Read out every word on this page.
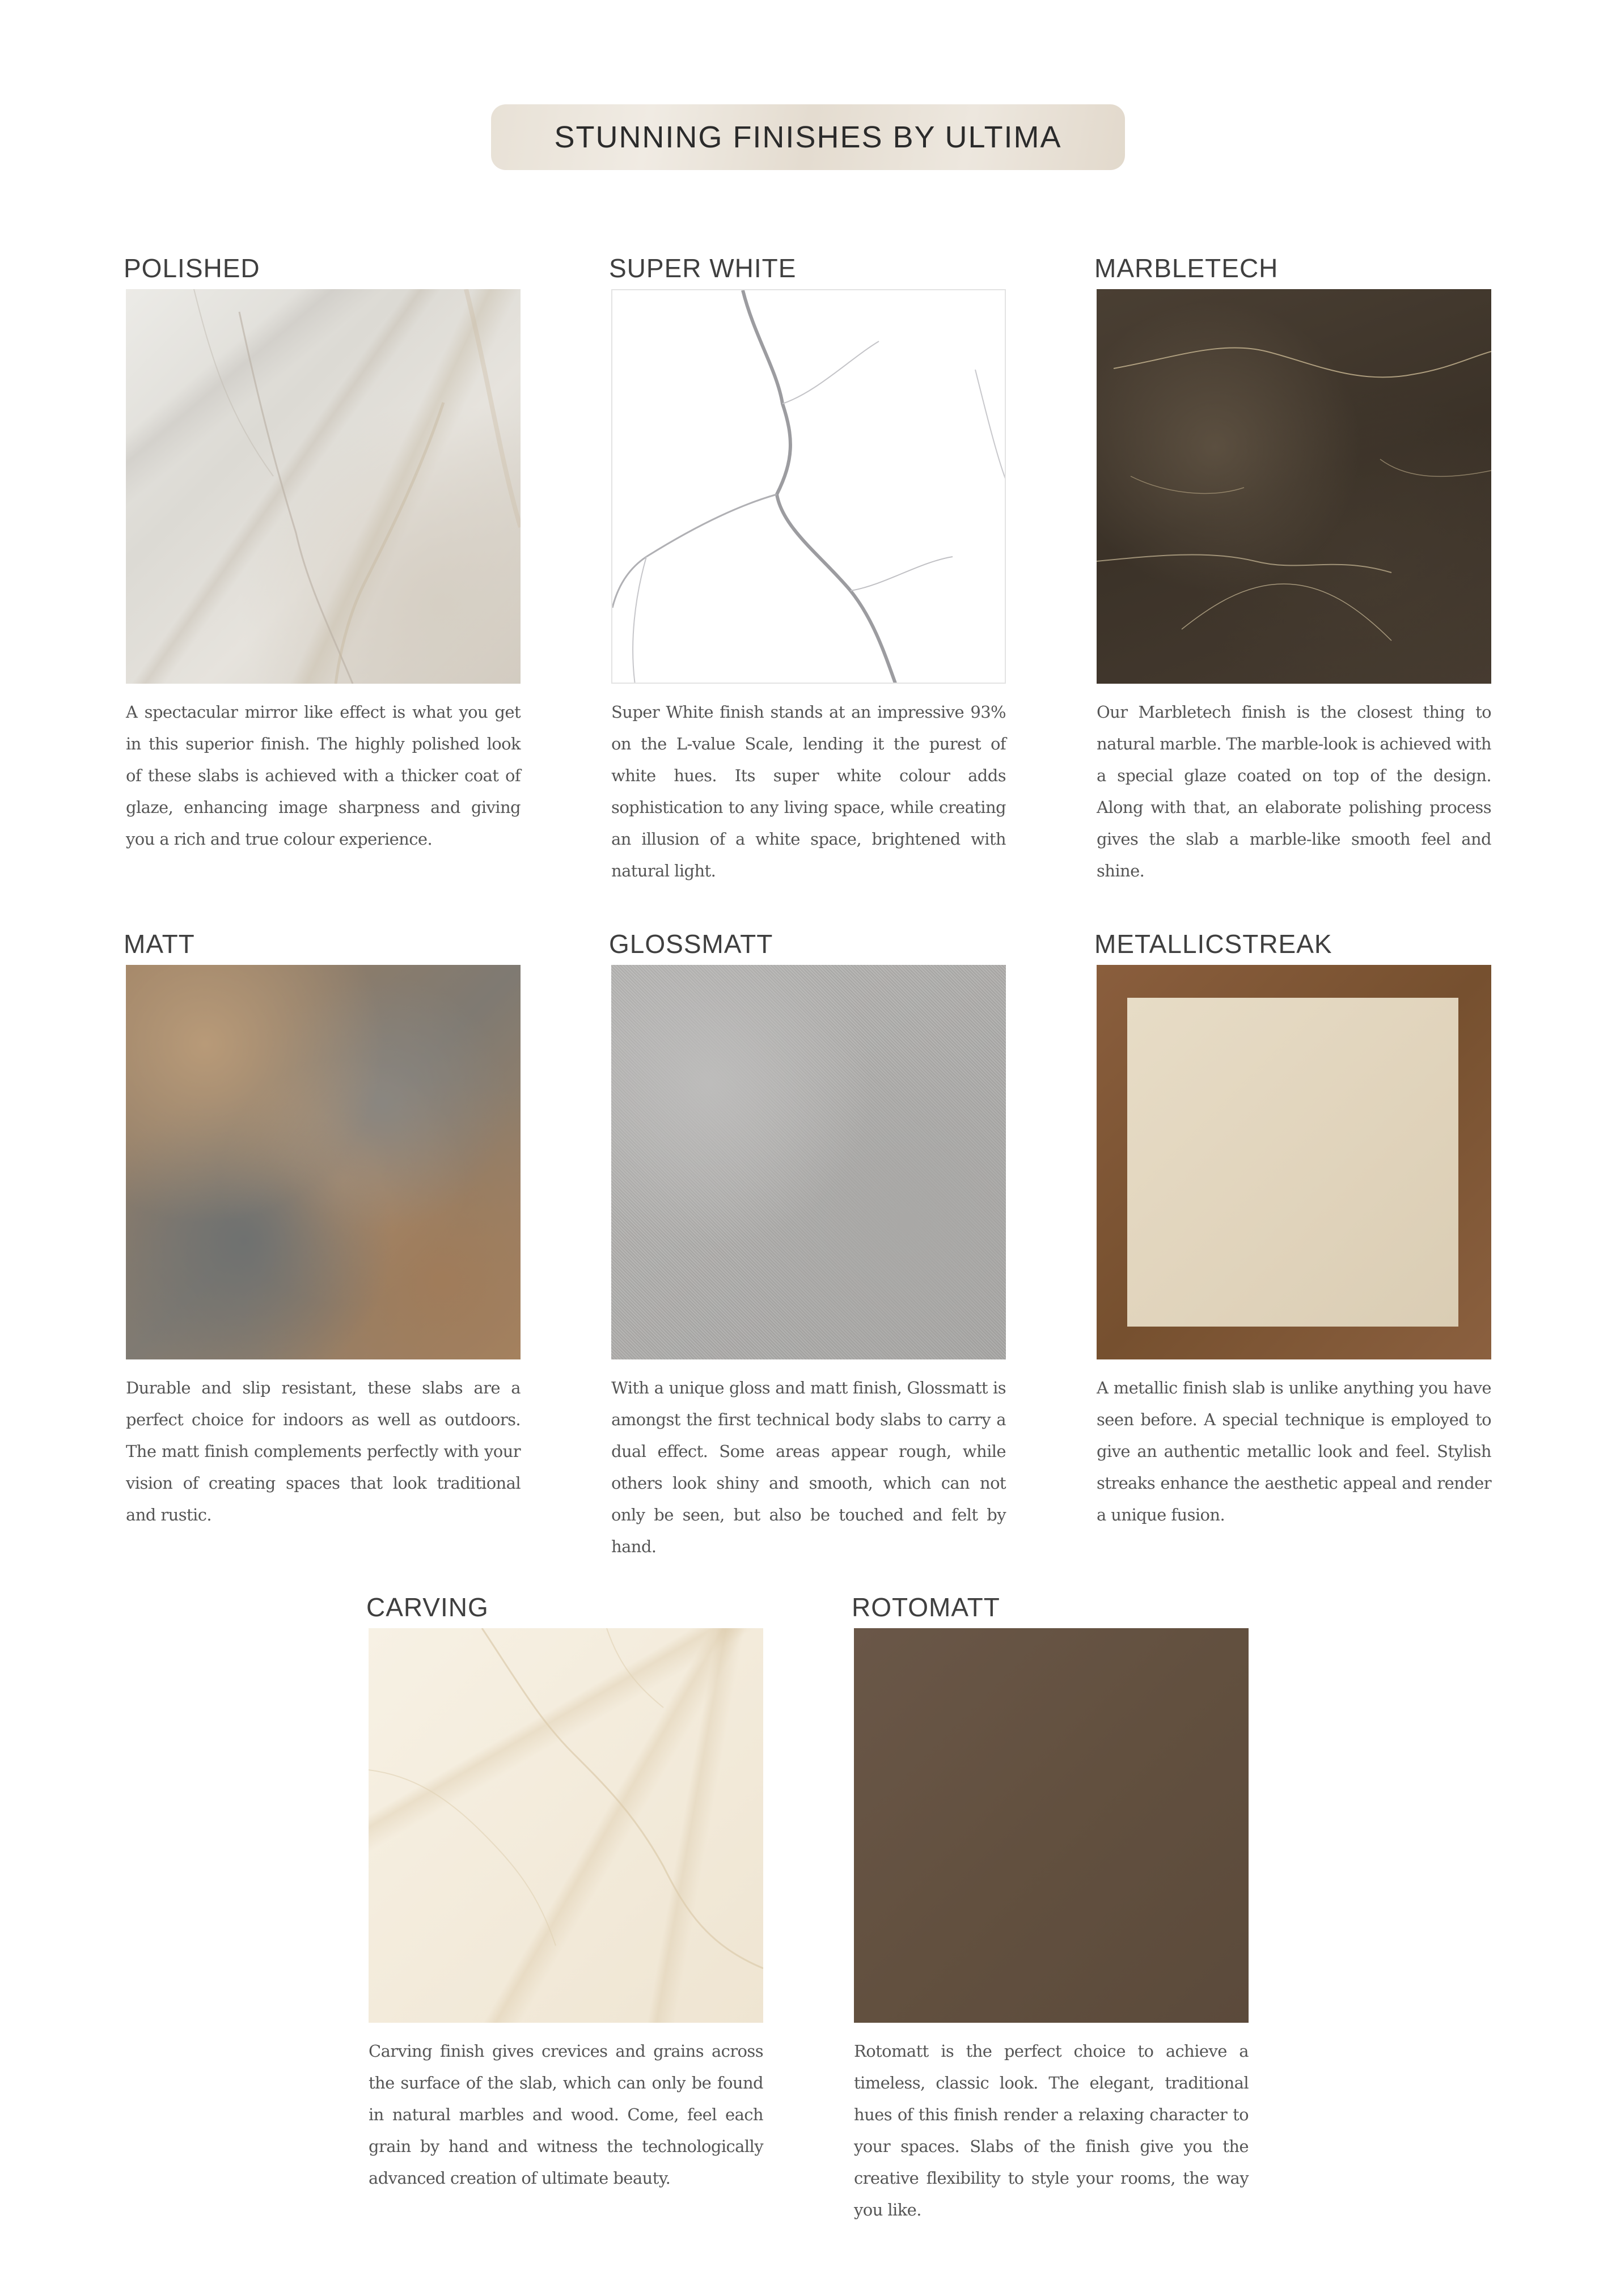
STUNNING FINISHES BY ULTIMA
POLISHED

A spectacular mirror like effect is what you get in this superior finish. The highly polished look of these slabs is achieved with a thicker coat of glaze, enhancing image sharpness and giving you a rich and true colour experience.

SUPER WHITE

Super White finish stands at an impressive 93% on the L-value Scale, lending it the purest of white hues. Its super white colour adds sophistication to any living space, while creating an illusion of a white space, brightened with natural light.

MARBLETECH

Our Marbletech finish is the closest thing to natural marble. The marble-look is achieved with a special glaze coated on top of the design. Along with that, an elaborate polishing process gives the slab a marble-like smooth feel and shine.

MATT

Durable and slip resistant, these slabs are a perfect choice for indoors as well as outdoors. The matt finish complements perfectly with your vision of creating spaces that look traditional and rustic.

GLOSSMATT

With a unique gloss and matt finish, Glossmatt is amongst the first technical body slabs to carry a dual effect. Some areas appear rough, while others look shiny and smooth, which can not only be seen, but also be touched and felt by hand.

METALLICSTREAK

A metallic finish slab is unlike anything you have seen before. A special technique is employed to give an authentic metallic look and feel. Stylish streaks enhance the aesthetic appeal and render a unique fusion.

CARVING

Carving finish gives crevices and grains across the surface of the slab, which can only be found in natural marbles and wood. Come, feel each grain by hand and witness the technologically advanced creation of ultimate beauty.

ROTOMATT

Rotomatt is the perfect choice to achieve a timeless, classic look. The elegant, traditional hues of this finish render a relaxing character to your spaces. Slabs of the finish give you the creative flexibility to style your rooms, the way you like.
